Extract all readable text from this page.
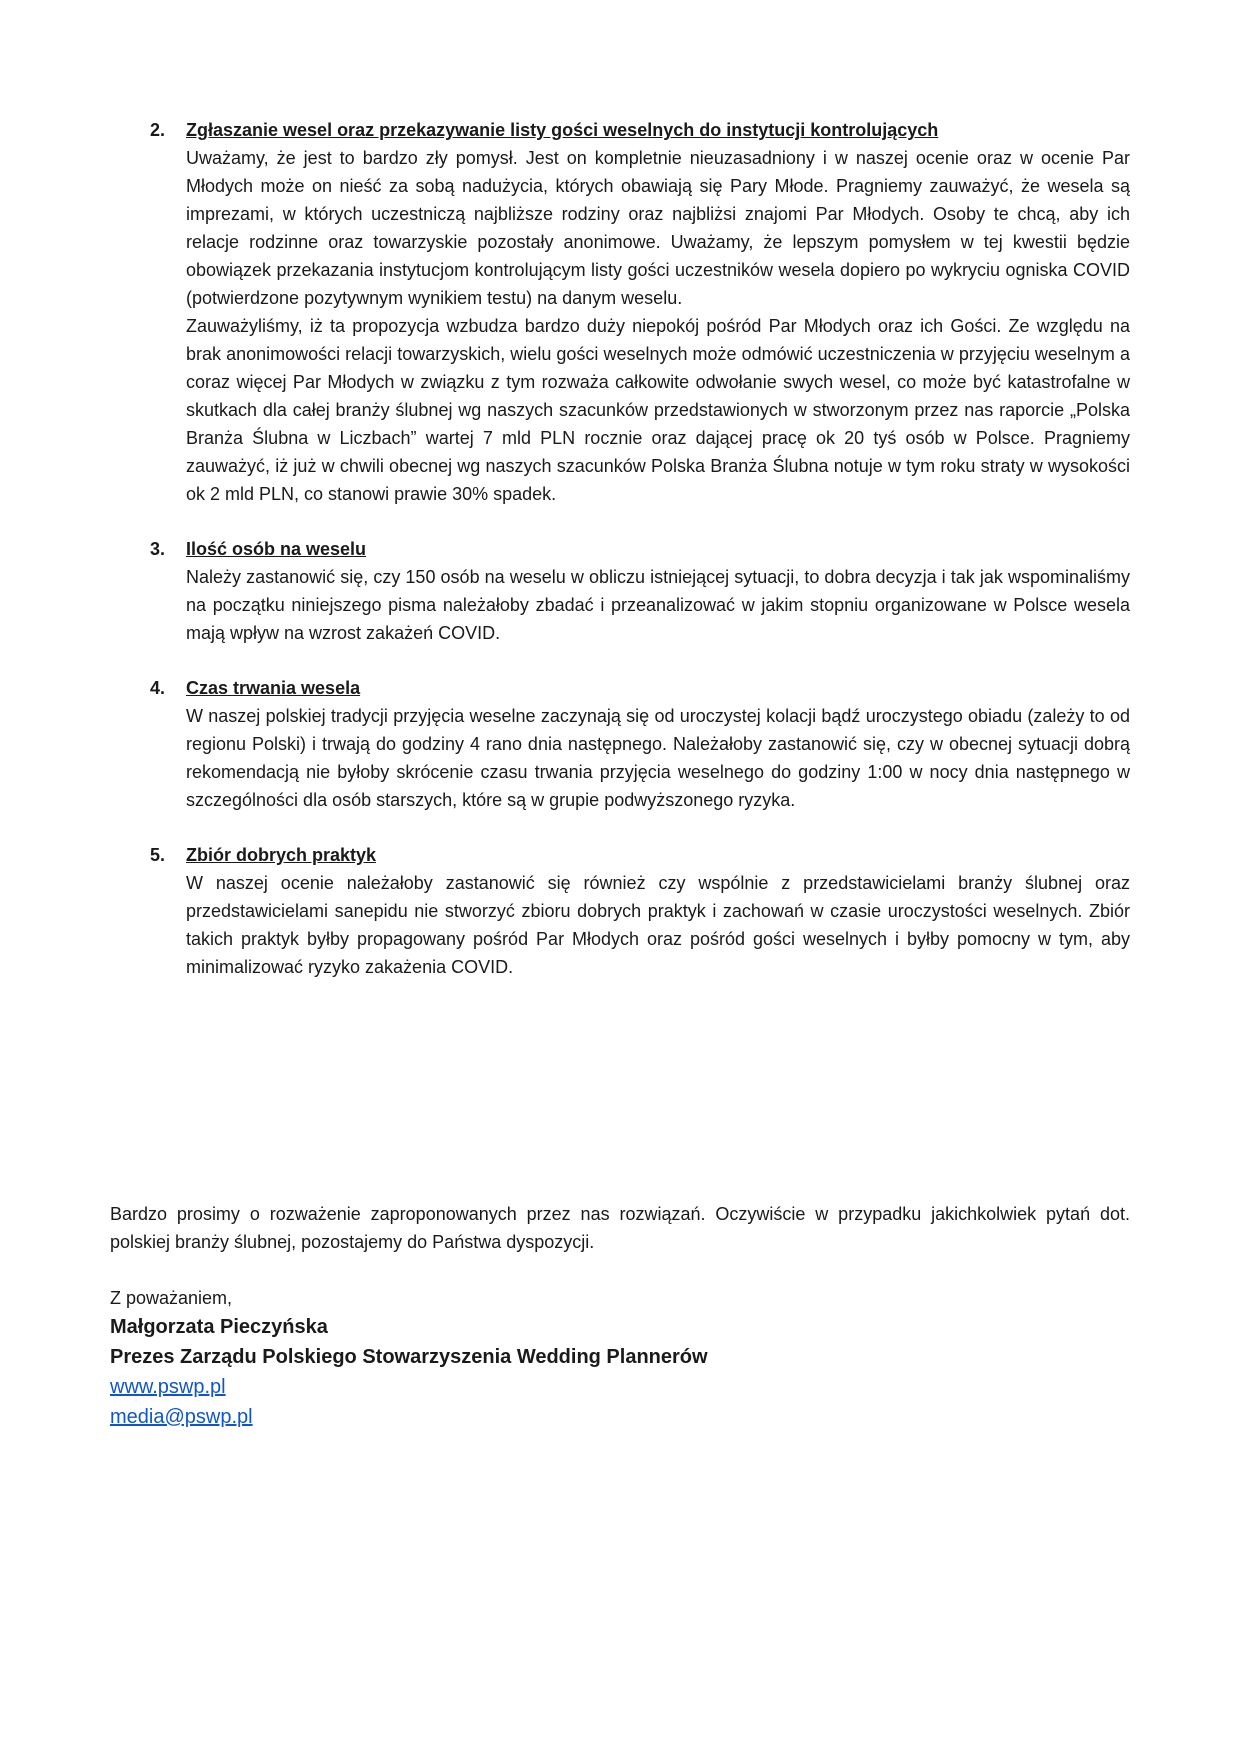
2. Zgłaszanie wesel oraz przekazywanie listy gości weselnych do instytucji kontrolujących

Uważamy, że jest to bardzo zły pomysł. Jest on kompletnie nieuzasadniony i w naszej ocenie oraz w ocenie Par Młodych może on nieść za sobą nadużycia, których obawiają się Pary Młode. Pragniemy zauważyć, że wesela są imprezami, w których uczestniczą najbliższe rodziny oraz najbliżsi znajomi Par Młodych. Osoby te chcą, aby ich relacje rodzinne oraz towarzyskie pozostały anonimowe. Uważamy, że lepszym pomysłem w tej kwestii będzie obowiązek przekazania instytucjom kontrolującym listy gości uczestników wesela dopiero po wykryciu ogniska COVID (potwierdzone pozytywnym wynikiem testu) na danym weselu.

Zauważyliśmy, iż ta propozycja wzbudza bardzo duży niepokój pośród Par Młodych oraz ich Gości. Ze względu na brak anonimowości relacji towarzyskich, wielu gości weselnych może odmówić uczestniczenia w przyjęciu weselnym a coraz więcej Par Młodych w związku z tym rozważa całkowite odwołanie swych wesel, co może być katastrofalne w skutkach dla całej branży ślubnej wg naszych szacunków przedstawionych w stworzonym przez nas raporcie „Polska Branża Ślubna w Liczbach” wartej 7 mld PLN rocznie oraz dającej pracę ok 20 tyś osób w Polsce. Pragniemy zauważyć, iż już w chwili obecnej wg naszych szacunków Polska Branża Ślubna notuje w tym roku straty w wysokości ok 2 mld PLN, co stanowi prawie 30% spadek.

3. Ilość osób na weselu

Należy zastanowić się, czy 150 osób na weselu w obliczu istniejącej sytuacji, to dobra decyzja i tak jak wspominaliśmy na początku niniejszego pisma należałoby zbadać i przeanalizować w jakim stopniu organizowane w Polsce wesela mają wpływ na wzrost zakażeń COVID.

4. Czas trwania wesela

W naszej polskiej tradycji przyjęcia weselne zaczynają się od uroczystej kolacji bądź uroczystego obiadu (zależy to od regionu Polski) i trwają do godziny 4 rano dnia następnego. Należałoby zastanowić się, czy w obecnej sytuacji dobrą rekomendacją nie byłoby skrócenie czasu trwania przyjęcia weselnego do godziny 1:00 w nocy dnia następnego w szczególności dla osób starszych, które są w grupie podwyższonego ryzyka.

5. Zbiór dobrych praktyk

W naszej ocenie należałoby zastanowić się również czy wspólnie z przedstawicielami branży ślubnej oraz przedstawicielami sanepidu nie stworzyć zbioru dobrych praktyk i zachowań w czasie uroczystości weselnych. Zbiór takich praktyk byłby propagowany pośród Par Młodych oraz pośród gości weselnych i byłby pomocny w tym, aby minimalizować ryzyko zakażenia COVID.

Bardzo prosimy o rozważenie zaproponowanych przez nas rozwiązań. Oczywiście w przypadku jakichkolwiek pytań dot. polskiej branży ślubnej, pozostajemy do Państwa dyspozycji.

Z poważaniem,

Małgorzata Pieczyńska

Prezes Zarządu Polskiego Stowarzyszenia Wedding Plannerów

www.pswp.pl
media@pswp.pl
